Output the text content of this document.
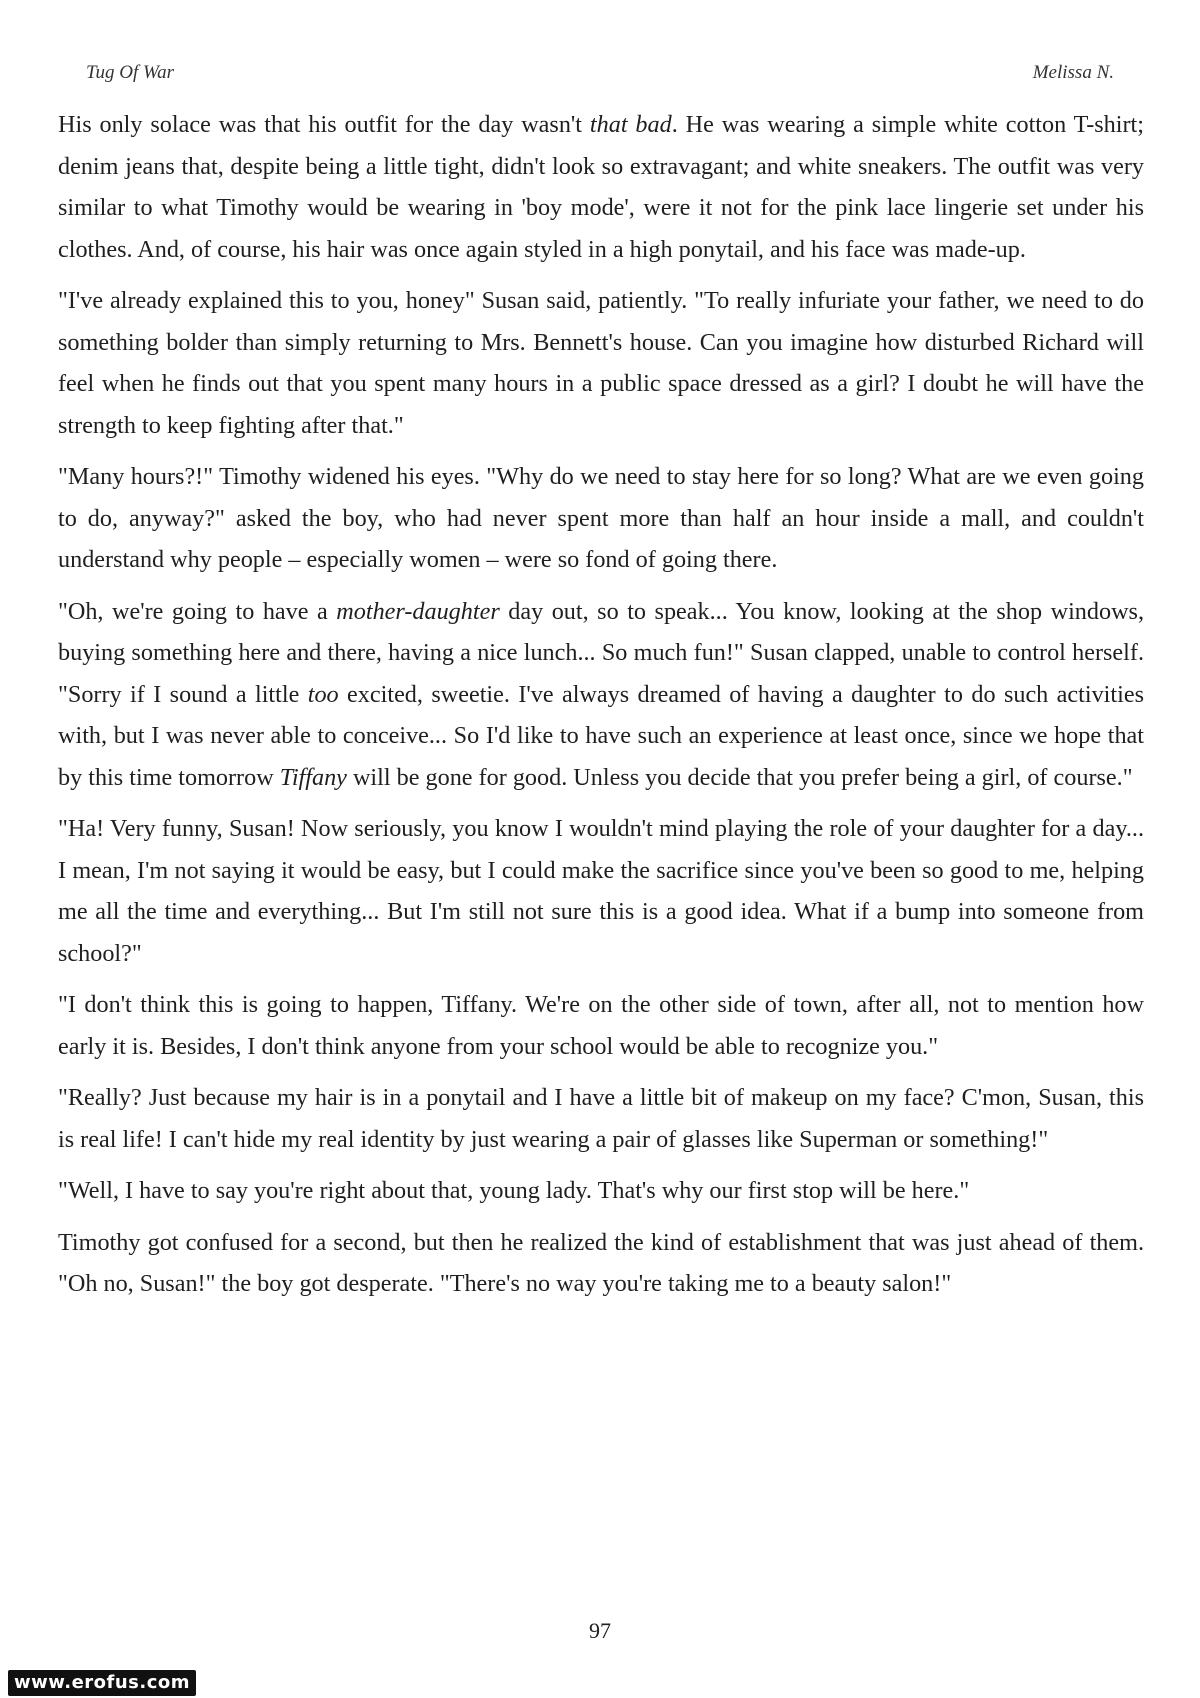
Tug Of War	Melissa N.

His only solace was that his outfit for the day wasn't that bad. He was wearing a simple white cotton T-shirt; denim jeans that, despite being a little tight, didn't look so extravagant; and white sneakers. The outfit was very similar to what Timothy would be wearing in 'boy mode', were it not for the pink lace lingerie set under his clothes. And, of course, his hair was once again styled in a high ponytail, and his face was made-up.

"I've already explained this to you, honey" Susan said, patiently. "To really infuriate your father, we need to do something bolder than simply returning to Mrs. Bennett's house. Can you imagine how disturbed Richard will feel when he finds out that you spent many hours in a public space dressed as a girl? I doubt he will have the strength to keep fighting after that."

"Many hours?!" Timothy widened his eyes. "Why do we need to stay here for so long? What are we even going to do, anyway?" asked the boy, who had never spent more than half an hour inside a mall, and couldn't understand why people – especially women – were so fond of going there.

"Oh, we're going to have a mother-daughter day out, so to speak... You know, looking at the shop windows, buying something here and there, having a nice lunch... So much fun!" Susan clapped, unable to control herself. "Sorry if I sound a little too excited, sweetie. I've always dreamed of having a daughter to do such activities with, but I was never able to conceive... So I'd like to have such an experience at least once, since we hope that by this time tomorrow Tiffany will be gone for good. Unless you decide that you prefer being a girl, of course."

"Ha! Very funny, Susan! Now seriously, you know I wouldn't mind playing the role of your daughter for a day... I mean, I'm not saying it would be easy, but I could make the sacrifice since you've been so good to me, helping me all the time and everything... But I'm still not sure this is a good idea. What if a bump into someone from school?"

"I don't think this is going to happen, Tiffany. We're on the other side of town, after all, not to mention how early it is. Besides, I don't think anyone from your school would be able to recognize you."

"Really? Just because my hair is in a ponytail and I have a little bit of makeup on my face? C'mon, Susan, this is real life! I can't hide my real identity by just wearing a pair of glasses like Superman or something!"

"Well, I have to say you're right about that, young lady. That's why our first stop will be here."

Timothy got confused for a second, but then he realized the kind of establishment that was just ahead of them. "Oh no, Susan!" the boy got desperate. "There's no way you're taking me to a beauty salon!"

97
www.erofus.com
